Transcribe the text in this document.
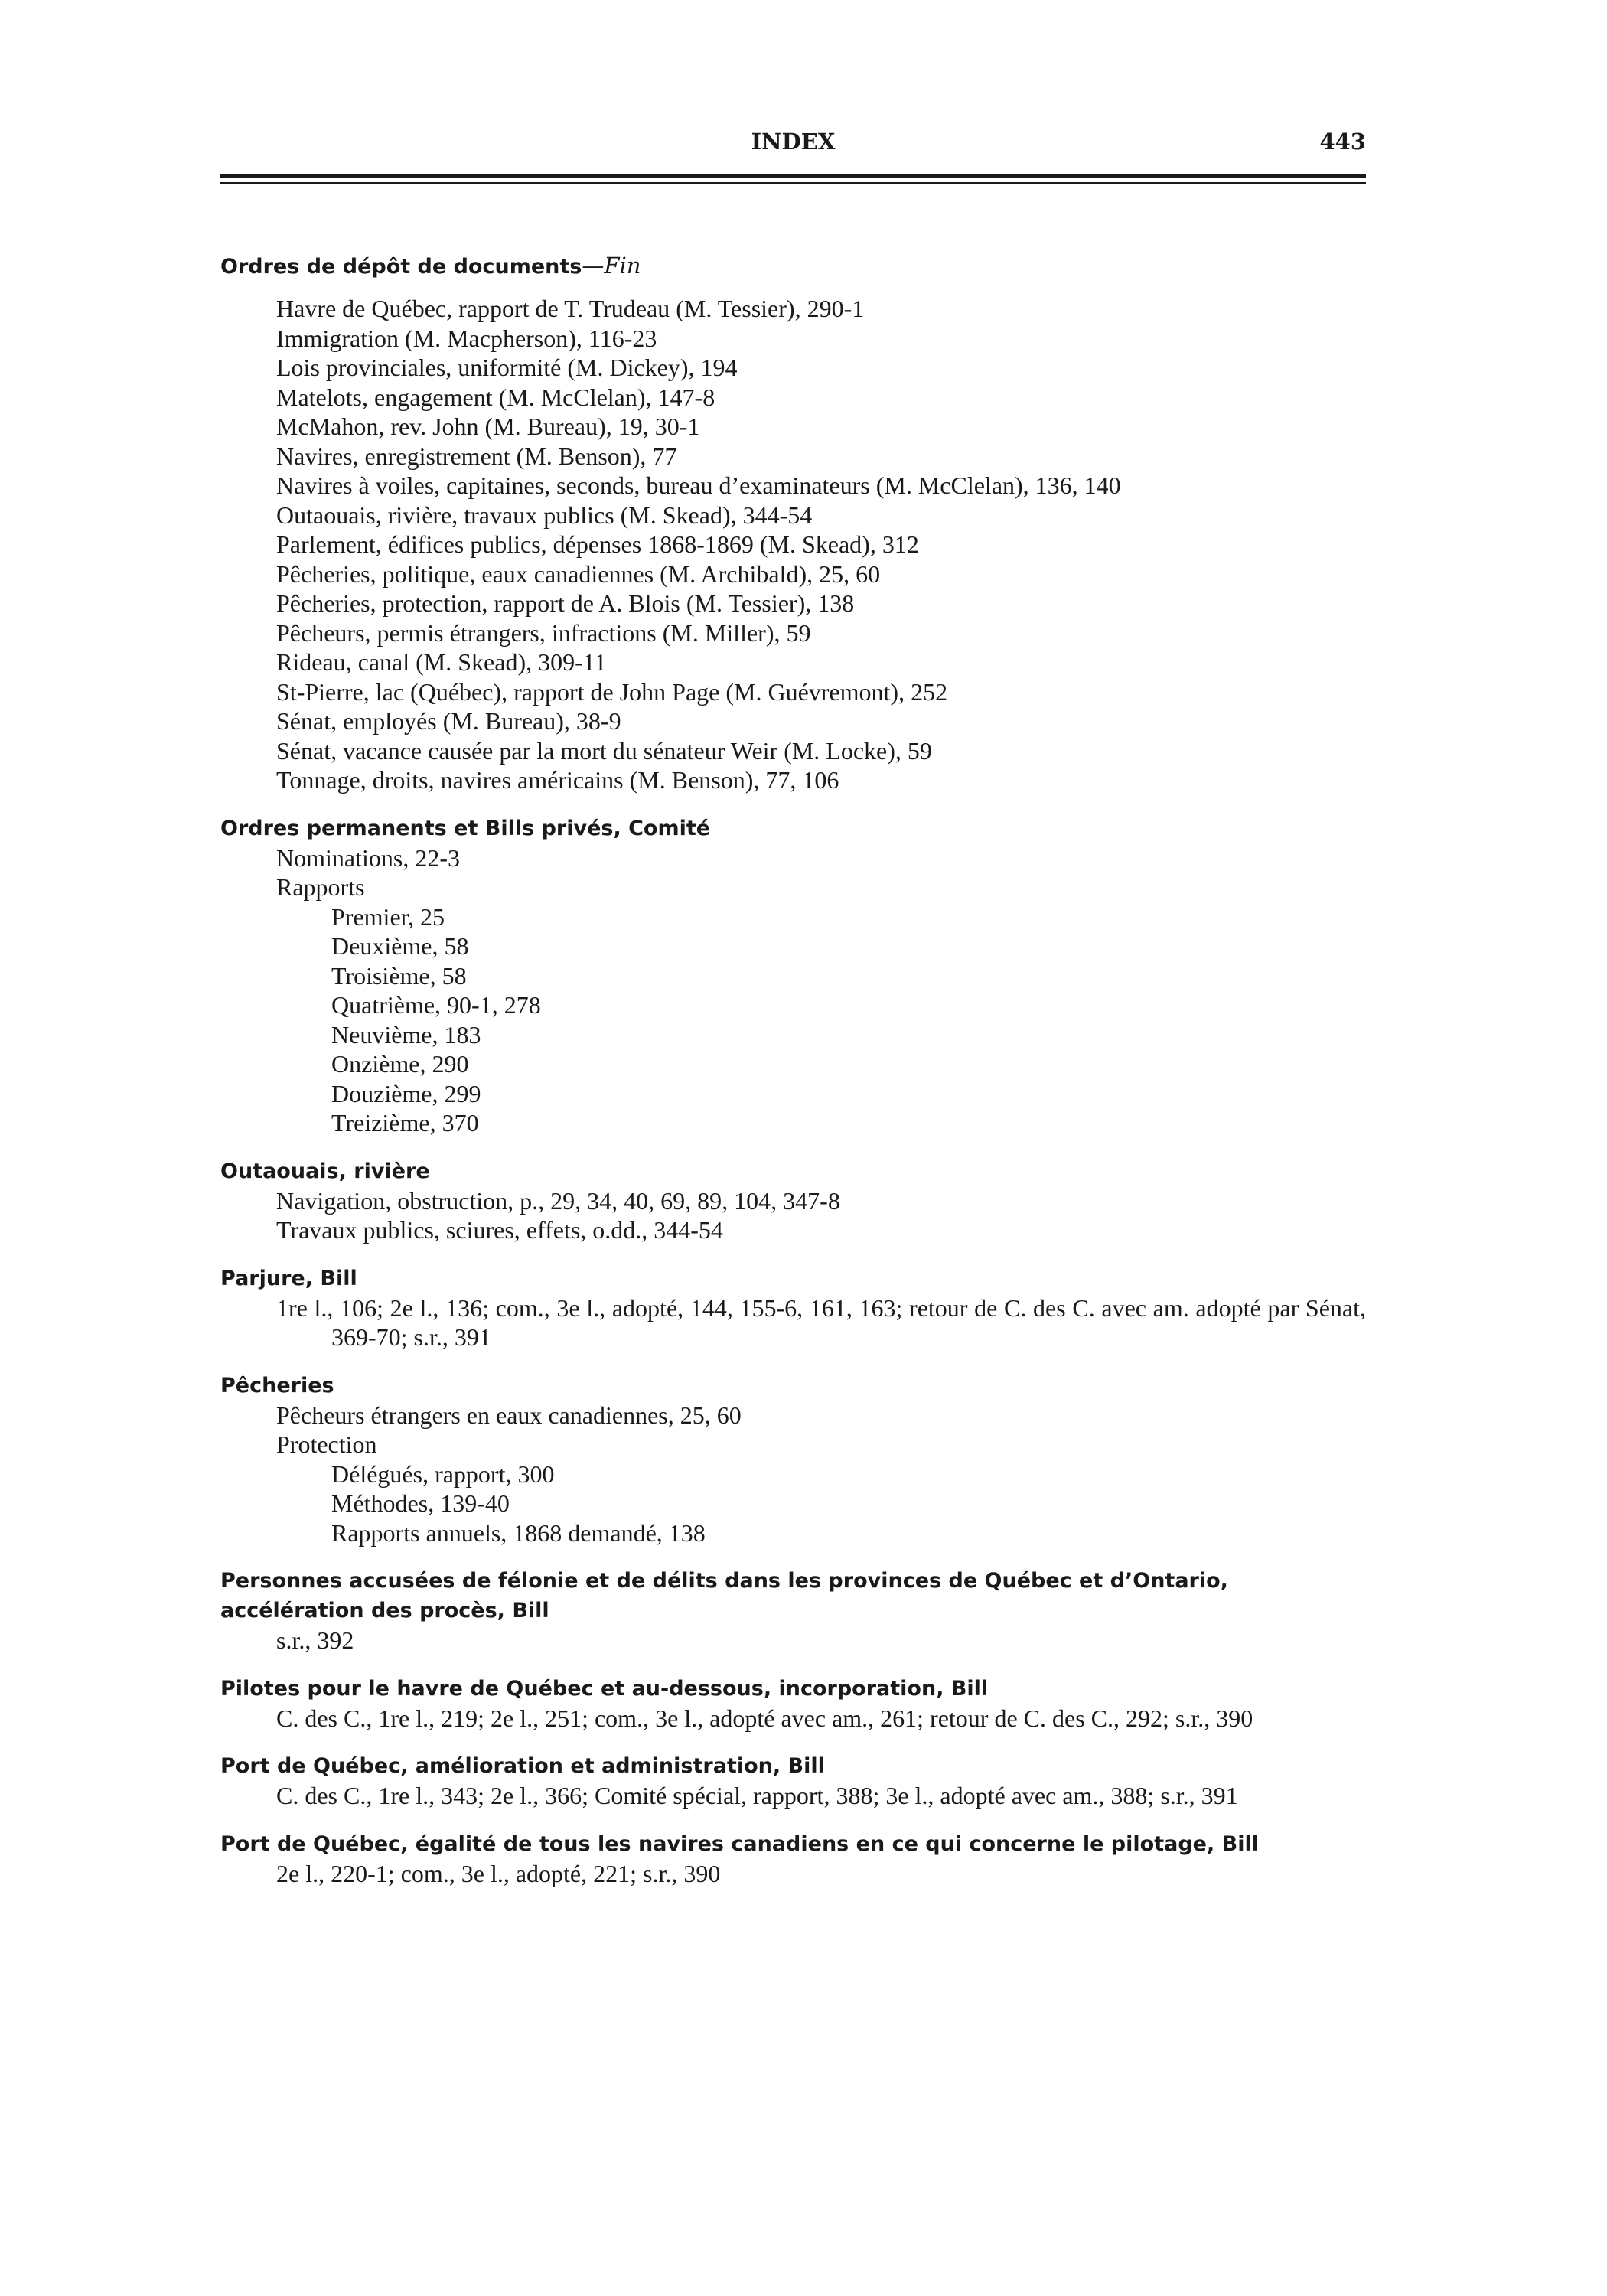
INDEX	443
Ordres de dépôt de documents—Fin
Havre de Québec, rapport de T. Trudeau (M. Tessier), 290-1
Immigration (M. Macpherson), 116-23
Lois provinciales, uniformité (M. Dickey), 194
Matelots, engagement (M. McClelan), 147-8
McMahon, rev. John (M. Bureau), 19, 30-1
Navires, enregistrement (M. Benson), 77
Navires à voiles, capitaines, seconds, bureau d’examinateurs (M. McClelan), 136, 140
Outaouais, rivière, travaux publics (M. Skead), 344-54
Parlement, édifices publics, dépenses 1868-1869 (M. Skead), 312
Pêcheries, politique, eaux canadiennes (M. Archibald), 25, 60
Pêcheries, protection, rapport de A. Blois (M. Tessier), 138
Pêcheurs, permis étrangers, infractions (M. Miller), 59
Rideau, canal (M. Skead), 309-11
St-Pierre, lac (Québec), rapport de John Page (M. Guévremont), 252
Sénat, employés (M. Bureau), 38-9
Sénat, vacance causée par la mort du sénateur Weir (M. Locke), 59
Tonnage, droits, navires américains (M. Benson), 77, 106
Ordres permanents et Bills privés, Comité
Nominations, 22-3
Rapports
Premier, 25
Deuxième, 58
Troisième, 58
Quatrième, 90-1, 278
Neuvième, 183
Onzième, 290
Douzième, 299
Treizième, 370
Outaouais, rivière
Navigation, obstruction, p., 29, 34, 40, 69, 89, 104, 347-8
Travaux publics, sciures, effets, o.dd., 344-54
Parjure, Bill
1re l., 106; 2e l., 136; com., 3e l., adopté, 144, 155-6, 161, 163; retour de C. des C. avec am. adopté par Sénat, 369-70; s.r., 391
Pêcheries
Pêcheurs étrangers en eaux canadiennes, 25, 60
Protection
Délégués, rapport, 300
Méthodes, 139-40
Rapports annuels, 1868 demandé, 138
Personnes accusées de félonie et de délits dans les provinces de Québec et d’Ontario, accélération des procès, Bill
s.r., 392
Pilotes pour le havre de Québec et au-dessous, incorporation, Bill
C. des C., 1re l., 219; 2e l., 251; com., 3e l., adopté avec am., 261; retour de C. des C., 292; s.r., 390
Port de Québec, amélioration et administration, Bill
C. des C., 1re l., 343; 2e l., 366; Comité spécial, rapport, 388; 3e l., adopté avec am., 388; s.r., 391
Port de Québec, égalité de tous les navires canadiens en ce qui concerne le pilotage, Bill
2e l., 220-1; com., 3e l., adopté, 221; s.r., 390
